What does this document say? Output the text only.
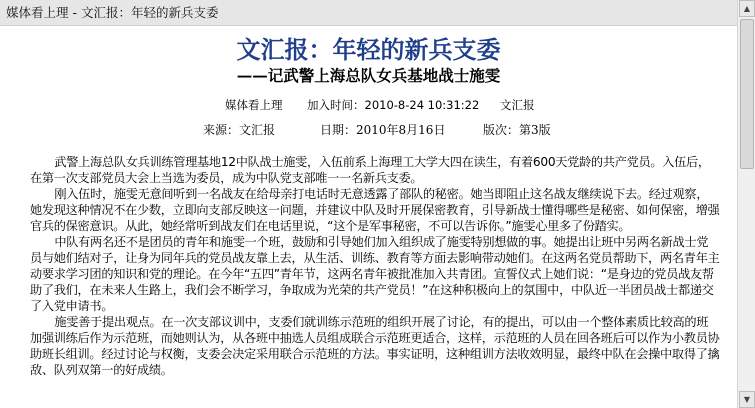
媒体看上理 - 文汇报：年轻的新兵支委
文汇报：年轻的新兵支委
——记武警上海总队女兵基地战士施雯
媒体看上理 加入时间：2010-8-24 10:31:22 文汇报
来源：文汇报	日期：2010年8月16日	版次：第3版

武警上海总队女兵训练管理基地12中队战士施雯，入伍前系上海理工大学大四在读生，有着600天党龄的共产党员。入伍后，在第一次支部党员大会上当选为委员，成为中队党支部唯一一名新兵支委。

刚入伍时，施雯无意间听到一名战友在给母亲打电话时无意透露了部队的秘密。她当即阻止这名战友继续说下去。经过观察，她发现这种情况不在少数，立即向支部反映这一问题，并建议中队及时开展保密教育，引导新战士懂得哪些是秘密、如何保密，增强官兵的保密意识。从此，她经常听到战友们在电话里说，“这个是军事秘密，不可以告诉你。”施雯心里多了份踏实。

中队有两名还不是团员的青年和施雯一个班，鼓励和引导她们加入组织成了施雯特别想做的事。她提出让班中另两名新战士党员与她们结对子，让身为同年兵的党员战友靠上去，从生活、训练、教育等方面去影响带动她们。在这两名党员帮助下，两名青年主动要求学习团的知识和党的理论。在今年“五四”青年节，这两名青年被批准加入共青团。宣誓仪式上她们说：“是身边的党员战友帮助了我们，在未来人生路上，我们会不断学习，争取成为光荣的共产党员！”在这种积极向上的氛围中，中队近一半团员战士都递交了入党申请书。

施雯善于提出观点。在一次支部议训中，支委们就训练示范班的组织开展了讨论，有的提出，可以由一个整体素质比较高的班加强训练后作为示范班，而她则认为，从各班中抽选人员组成联合示范班更适合，这样，示范班的人员在回各班后可以作为小教员协助班长组训。经过讨论与权衡，支委会决定采用联合示范班的方法。事实证明，这种组训方法收效明显，最终中队在会操中取得了擒敌、队列双第一的好成绩。

▲
▼
